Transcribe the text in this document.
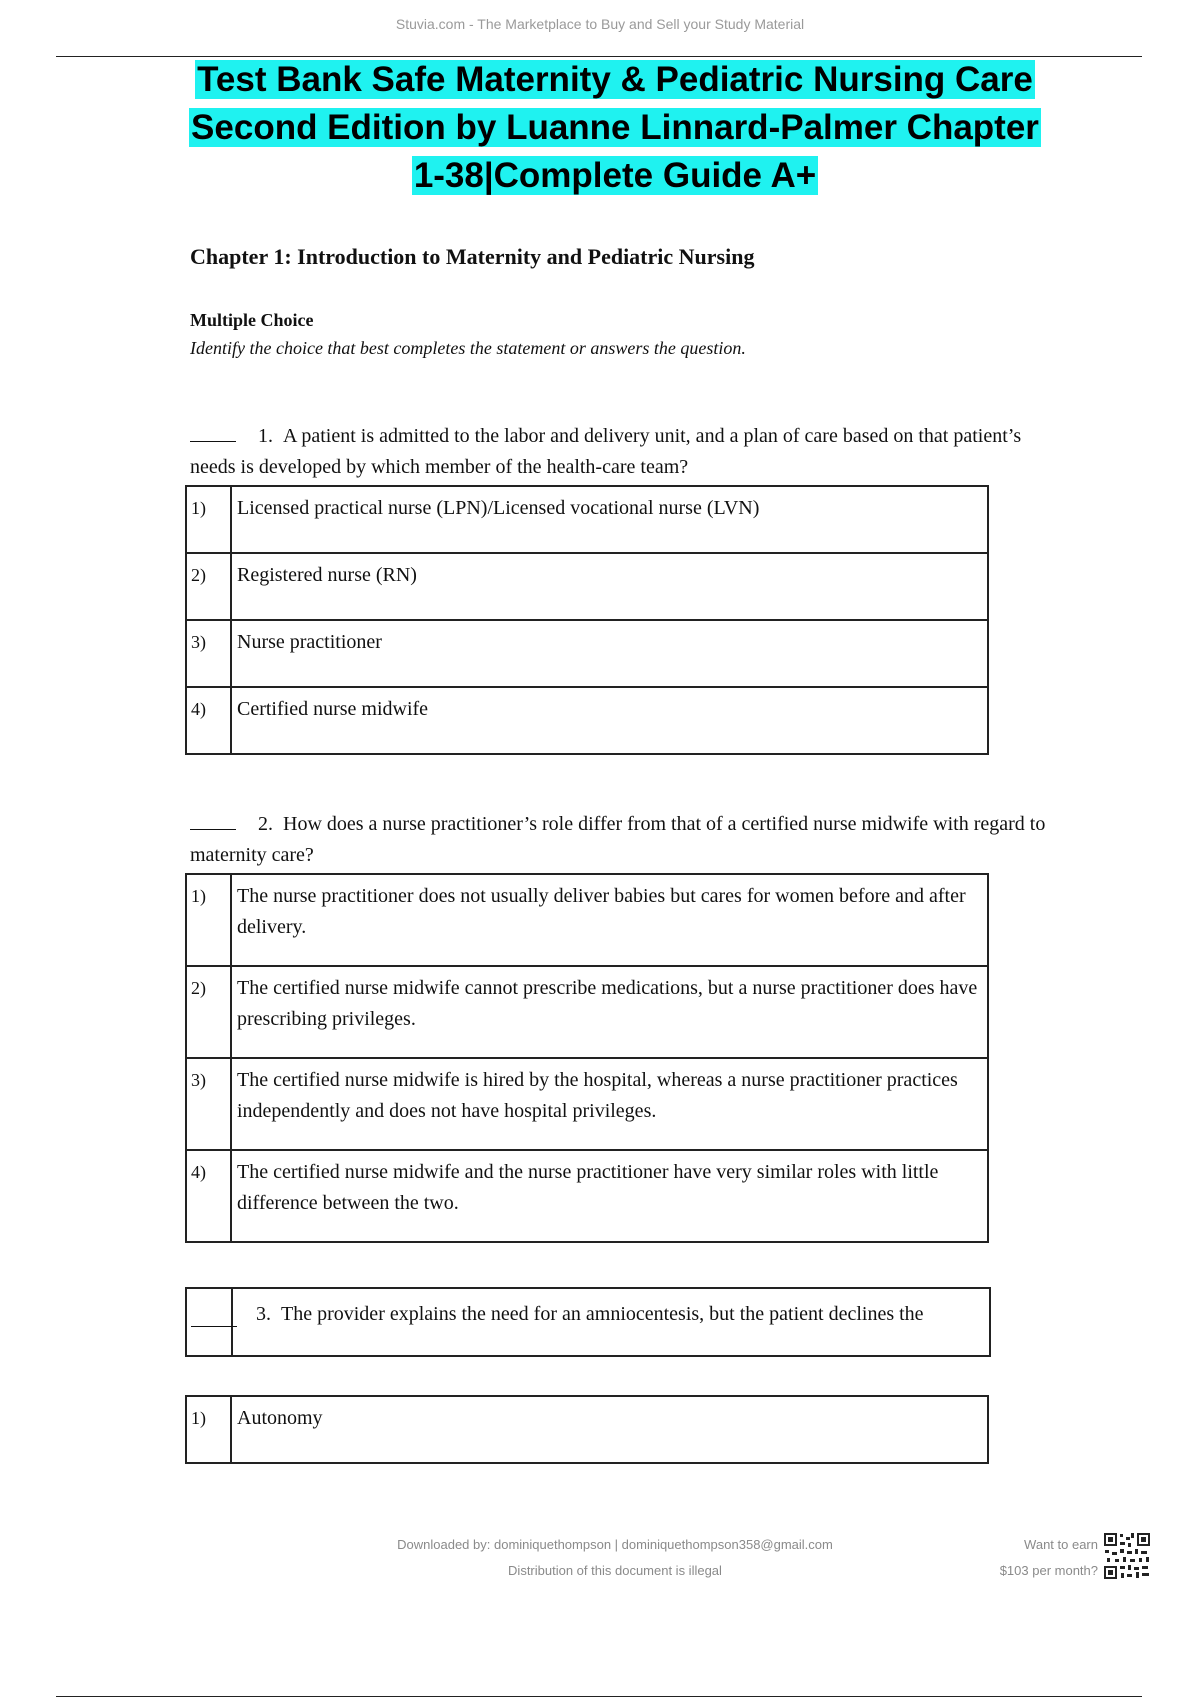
Stuvia.com - The Marketplace to Buy and Sell your Study Material
Test Bank Safe Maternity & Pediatric Nursing Care
Second Edition by Luanne Linnard-Palmer Chapter
1-38|Complete Guide A+
Chapter 1: Introduction to Maternity and Pediatric Nursing
Multiple Choice
Identify the choice that best completes the statement or answers the question.
1. A patient is admitted to the labor and delivery unit, and a plan of care based on that patient’s needs is developed by which member of the health-care team?
1)	Licensed practical nurse (LPN)/Licensed vocational nurse (LVN)
2)	Registered nurse (RN)
3)	Nurse practitioner
4)	Certified nurse midwife
2. How does a nurse practitioner’s role differ from that of a certified nurse midwife with regard to maternity care?
1)	The nurse practitioner does not usually deliver babies but cares for women before and after delivery.
2)	The certified nurse midwife cannot prescribe medications, but a nurse practitioner does have prescribing privileges.
3)	The certified nurse midwife is hired by the hospital, whereas a nurse practitioner practices independently and does not have hospital privileges.
4)	The certified nurse midwife and the nurse practitioner have very similar roles with little difference between the two.
3. The provider explains the need for an amniocentesis, but the patient declines the
1)	Autonomy
Downloaded by: dominiquethompson | dominiquethompson358@gmail.com
Distribution of this document is illegal
Want to earn
$103 per month?
